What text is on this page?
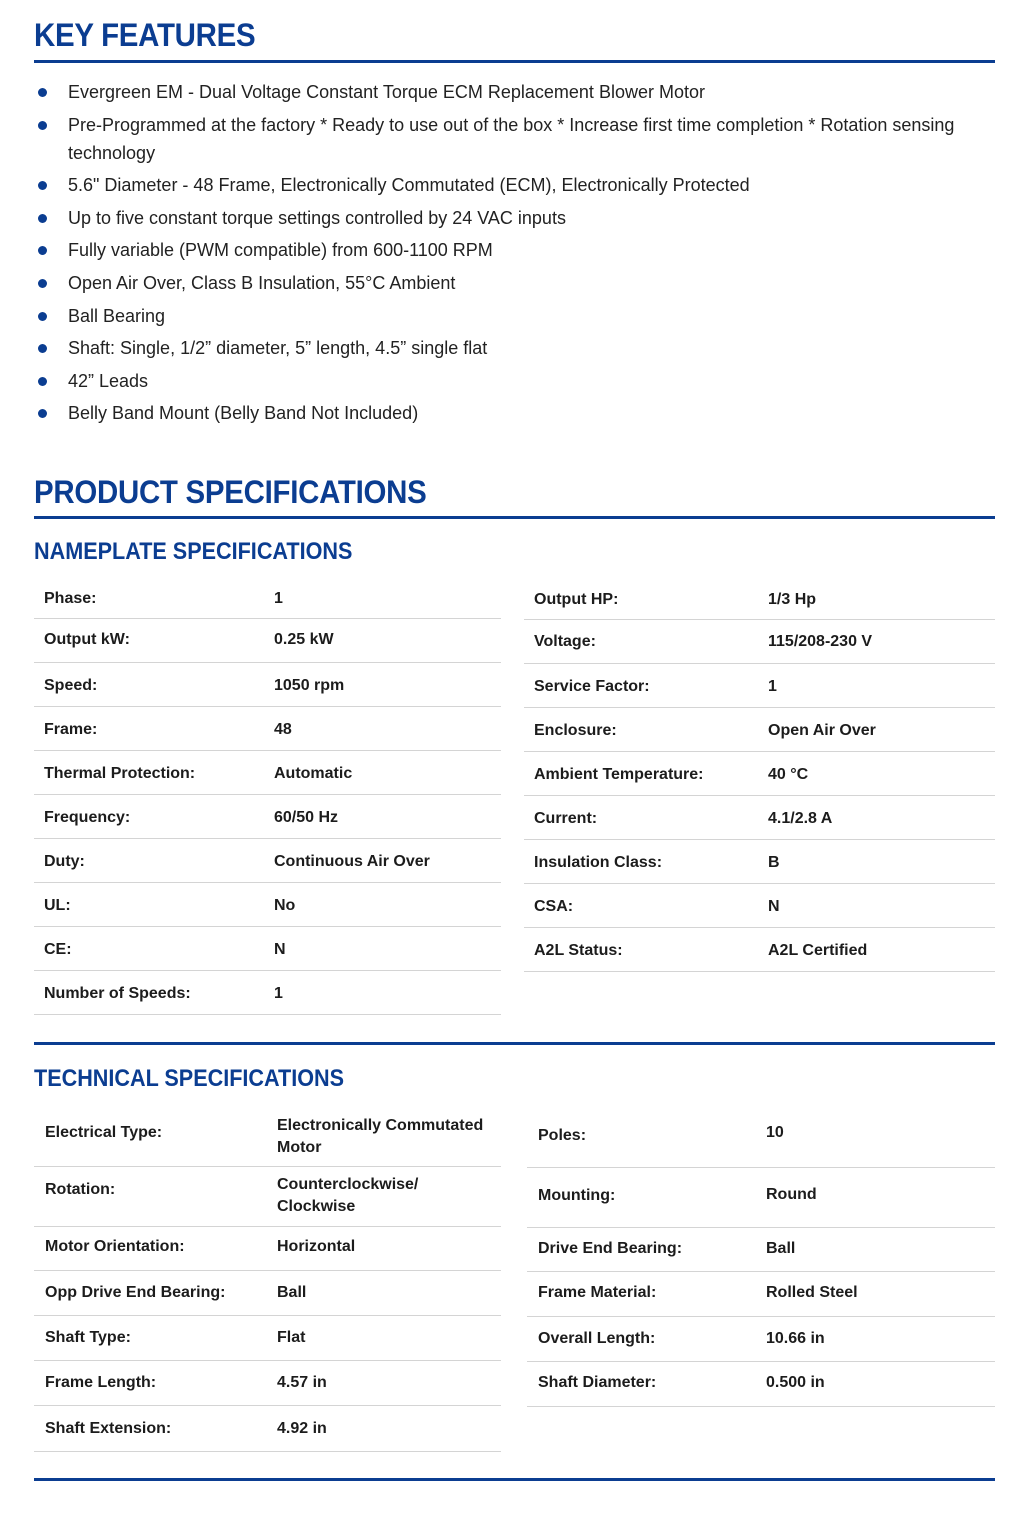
KEY FEATURES
Evergreen EM - Dual Voltage Constant Torque ECM Replacement Blower Motor
Pre-Programmed at the factory * Ready to use out of the box * Increase first time completion * Rotation sensing technology
5.6" Diameter - 48 Frame, Electronically Commutated (ECM), Electronically Protected
Up to five constant torque settings controlled by 24 VAC inputs
Fully variable (PWM compatible) from 600-1100 RPM
Open Air Over, Class B Insulation, 55°C Ambient
Ball Bearing
Shaft: Single, 1/2” diameter, 5” length, 4.5” single flat
42” Leads
Belly Band Mount (Belly Band Not Included)
PRODUCT SPECIFICATIONS
NAMEPLATE SPECIFICATIONS
Phase:	1
Output kW:	0.25 kW
Speed:	1050 rpm
Frame:	48
Thermal Protection:	Automatic
Frequency:	60/50 Hz
Duty:	Continuous Air Over
UL:	No
CE:	N
Number of Speeds:	1
Output HP:	1/3 Hp
Voltage:	115/208-230 V
Service Factor:	1
Enclosure:	Open Air Over
Ambient Temperature:	40 °C
Current:	4.1/2.8 A
Insulation Class:	B
CSA:	N
A2L Status:	A2L Certified
TECHNICAL SPECIFICATIONS
Electrical Type:	Electronically Commutated Motor
Rotation:	Counterclockwise/ Clockwise
Motor Orientation:	Horizontal
Opp Drive End Bearing:	Ball
Shaft Type:	Flat
Frame Length:	4.57 in
Shaft Extension:	4.92 in
Poles:	10
Mounting:	Round
Drive End Bearing:	Ball
Frame Material:	Rolled Steel
Overall Length:	10.66 in
Shaft Diameter:	0.500 in
